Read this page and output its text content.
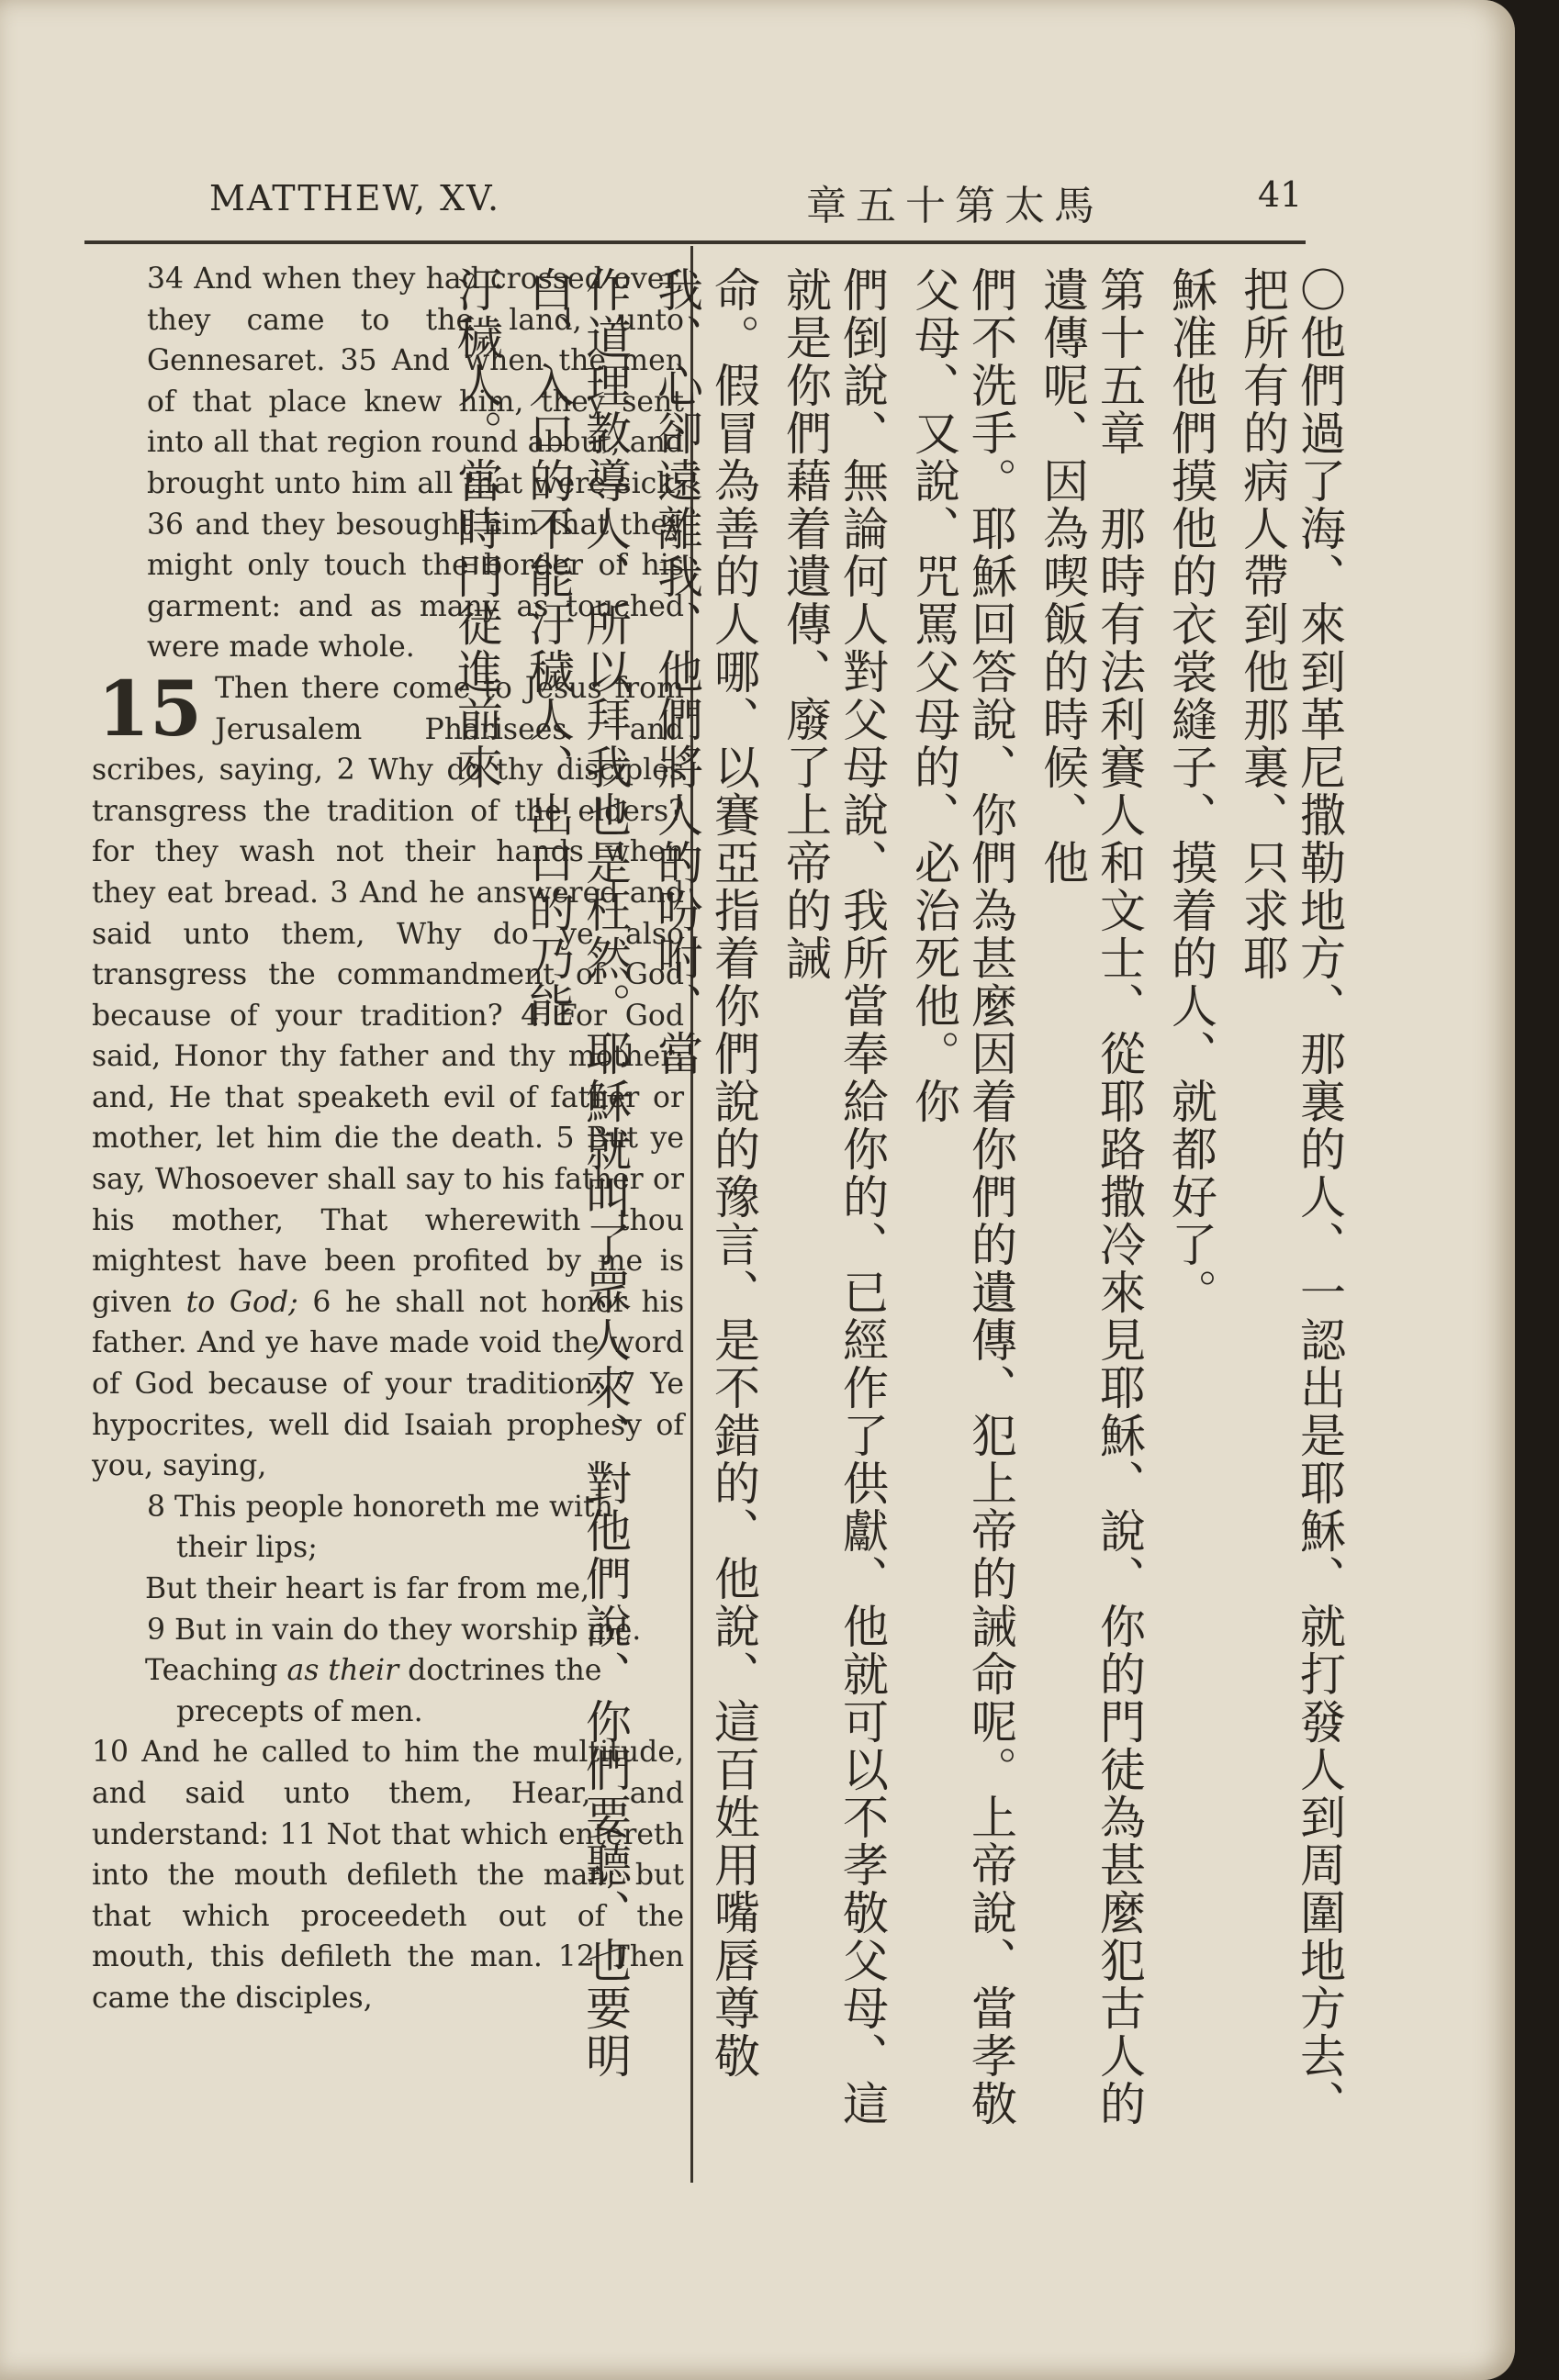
MATTHEW, XV.	章五十第太馬	41

34 And when they had crossed over, they came to the land, unto Gennesaret. 35 And when the men of that place knew him, they sent into all that region round about, and brought unto him all that were sick; 36 and they besought him that they might only touch the border of his garment: and as many as touched were made whole.

15 Then there come to Jesus from Jerusalem Pharisees and scribes, saying, 2 Why do thy disciples transgress the tradition of the elders? for they wash not their hands when they eat bread. 3 And he answered and said unto them, Why do ye also transgress the commandment of God because of your tradition? 4 For God said, Honor thy father and thy mother: and, He that speaketh evil of father or mother, let him die the death. 5 But ye say, Whosoever shall say to his father or his mother, That wherewith thou mightest have been profited by me is given to God; 6 he shall not honor his father. And ye have made void the word of God because of your tradition. 7 Ye hypocrites, well did Isaiah prophesy of you, saying,

8 This people honoreth me with

their lips;

But their heart is far from me,

9 But in vain do they worship me.

Teaching as their doctrines the

precepts of men.

10 And he called to him the multitude, and said unto them, Hear, and understand: 11 Not that which entereth into the mouth defileth the man; but that which proceedeth out of the mouth, this defileth the man. 12 Then came the disciples,	〇他們過了海、來到革尼撒勒地方、那裏的人、一認出是耶穌、就打發人到周圍地方去、把所有的病人帶到他那裏、只求耶
穌准他們摸他的衣裳縫子、摸着的人、就都好了。
第十五章　那時有法利賽人和文士、從耶路撒冷來見耶穌、說、你的門徒為甚麼犯古人的遺傳呢、因為喫飯的時候、他
們不洗手。耶穌回答說、你們為甚麼因着你們的遺傳、犯上帝的誡命呢。上帝說、當孝敬父母、又說、咒罵父母的、必治死他。你
們倒說、無論何人對父母說、我所當奉給你的、已經作了供獻、他就可以不孝敬父母、這就是你們藉着遺傳、廢了上帝的誡
命。假冒為善的人哪、以賽亞指着你們說的豫言、是不錯的、他說、這百姓用嘴唇尊敬我、心卻遠離我、他們將人的吩咐、當
作道理教導人、所以拜我也是枉然。耶穌就叫了眾人來、對他們說、你們要聽、也要明白、入口的不能汙穢人、出口的乃能
汙穢人。當時門徒進前來
